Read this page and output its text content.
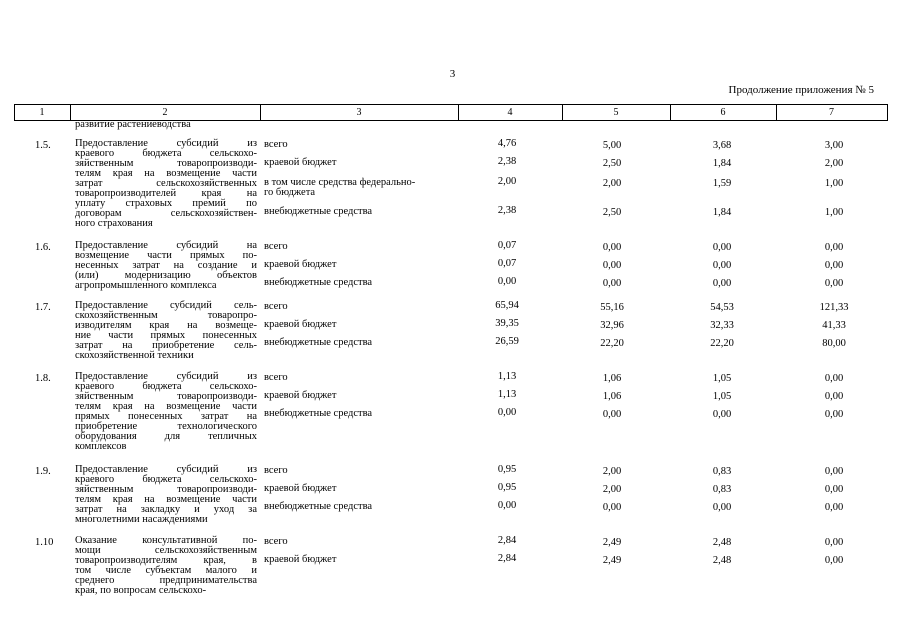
3
Продолжение приложения № 5
1	2	3	4	5	6	7
развитие растениеводства
1.5. Предоставление субсидий из
краевого бюджета сельскохо-
зяйственным товаропроизводи-
телям края на возмещение части
затрат сельскохозяйственных
товаропроизводителей края на
уплату страховых премий по
договорам сельскохозяйствен-
ного страхования
всего	4,76	5,00	3,68	3,00
краевой бюджет	2,38	2,50	1,84	2,00
в том числе средства федерально-
го бюджета
2,00	2,00	1,59	1,00
внебюджетные средства	2,38	2,50	1,84	1,00
1.6. Предоставление субсидий на
возмещение части прямых по-
несенных затрат на создание и
(или) модернизацию объектов
агропромышленного комплекса
всего	0,07	0,00	0,00	0,00
краевой бюджет	0,07	0,00	0,00	0,00
внебюджетные средства	0,00	0,00	0,00	0,00
1.7. Предоставление субсидий сель-
скохозяйственным товаропро-
изводителям края на возмеще-
ние части прямых понесенных
затрат на приобретение сель-
скохозяйственной техники
всего	65,94	55,16	54,53	121,33
краевой бюджет	39,35	32,96	32,33	41,33
внебюджетные средства	26,59	22,20	22,20	80,00
1.8. Предоставление субсидий из
краевого бюджета сельскохо-
зяйственным товаропроизводи-
телям края на возмещение части
прямых понесенных затрат на
приобретение технологического
оборудования для тепличных
комплексов
всего	1,13	1,06	1,05	0,00
краевой бюджет	1,13	1,06	1,05	0,00
внебюджетные средства	0,00	0,00	0,00	0,00
1.9. Предоставление субсидий из
краевого бюджета сельскохо-
зяйственным товаропроизводи-
телям края на возмещение части
затрат на закладку и уход за
многолетними насаждениями
всего	0,95	2,00	0,83	0,00
краевой бюджет	0,95	2,00	0,83	0,00
внебюджетные средства	0,00	0,00	0,00	0,00
1.10 Оказание консультативной по-
мощи сельскохозяйственным
товаропроизводителям края, в
том числе субъектам малого и
среднего предпринимательства
края, по вопросам сельскохо-
всего	2,84	2,49	2,48	0,00
краевой бюджет	2,84	2,49	2,48	0,00
